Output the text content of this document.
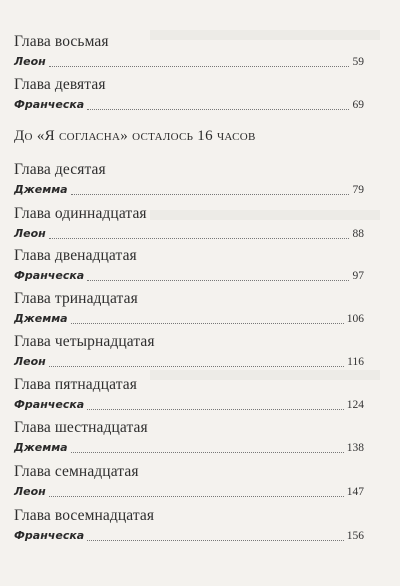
Глава восьмая
Леон	59
Глава девятая
Франческа	69
До «Я согласна» осталось 16 часов
Глава десятая
Джемма	79
Глава одиннадцатая
Леон	88
Глава двенадцатая
Франческа	97
Глава тринадцатая
Джемма	106
Глава четырнадцатая
Леон	116
Глава пятнадцатая
Франческа	124
Глава шестнадцатая
Джемма	138
Глава семнадцатая
Леон	147
Глава восемнадцатая
Франческа	156
